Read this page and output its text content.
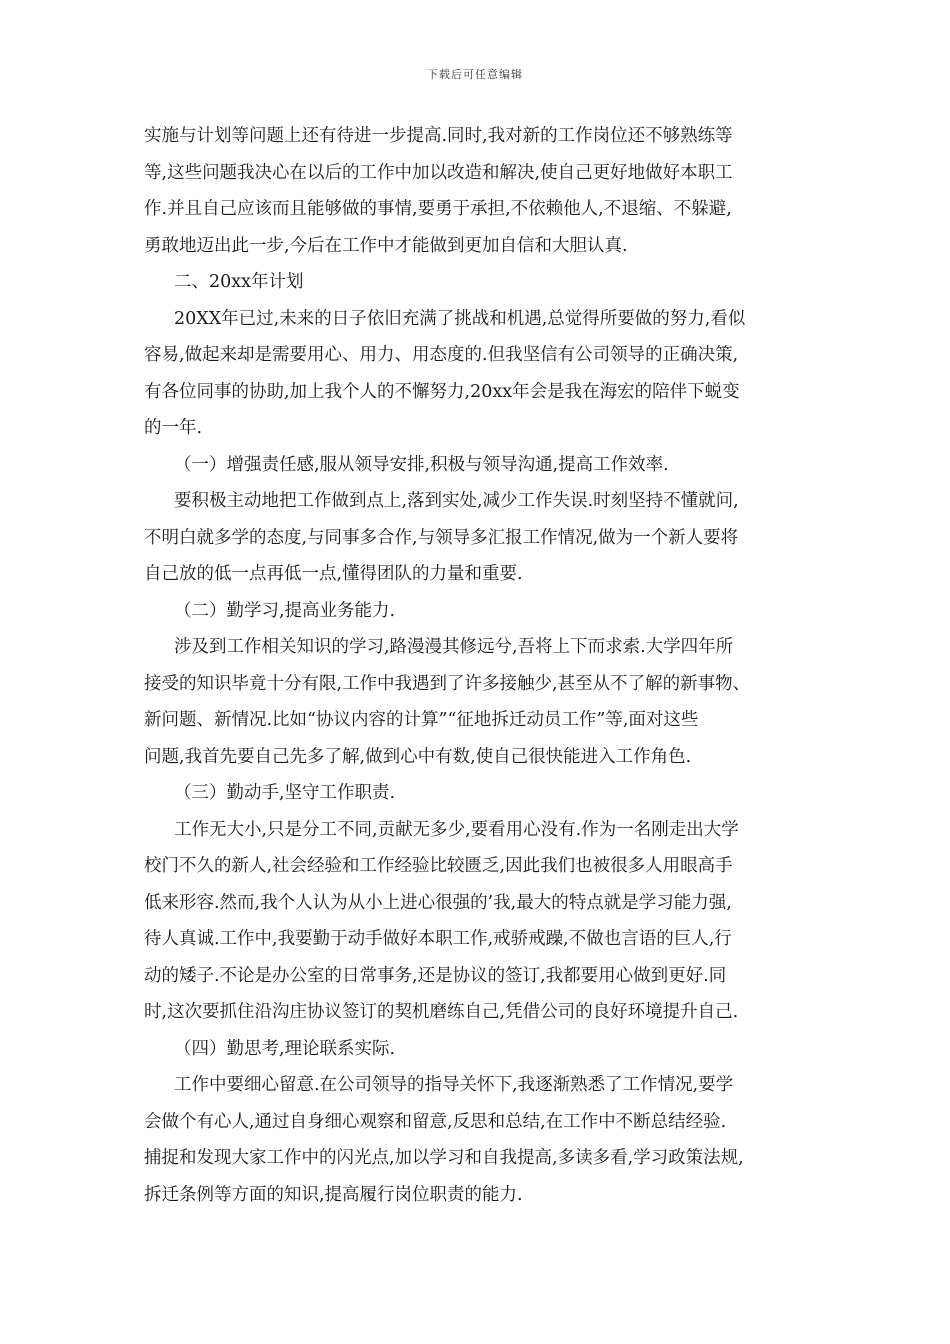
下载后可任意编辑
实施与计划等问题上还有待进一步提高.同时,我对新的工作岗位还不够熟练等
等,这些问题我决心在以后的工作中加以改造和解决,使自己更好地做好本职工
作.并且自己应该而且能够做的事情,要勇于承担,不依赖他人,不退缩、不躲避,
勇敢地迈出此一步,今后在工作中才能做到更加自信和大胆认真.
二、20xx年计划
20XX年已过,未来的日子依旧充满了挑战和机遇,总觉得所要做的努力,看似
容易,做起来却是需要用心、用力、用态度的.但我坚信有公司领导的正确决策,
有各位同事的协助,加上我个人的不懈努力,20xx年会是我在海宏的陪伴下蜕变
的一年.
（一）增强责任感,服从领导安排,积极与领导沟通,提高工作效率.
要积极主动地把工作做到点上,落到实处,减少工作失误.时刻坚持不懂就问,
不明白就多学的态度,与同事多合作,与领导多汇报工作情况,做为一个新人要将
自己放的低一点再低一点,懂得团队的力量和重要.
（二）勤学习,提高业务能力.
涉及到工作相关知识的学习,路漫漫其修远兮,吾将上下而求索.大学四年所
接受的知识毕竟十分有限,工作中我遇到了许多接触少,甚至从不了解的新事物、
新问题、新情况.比如“协议内容的计算”“征地拆迁动员工作”等,面对这些
问题,我首先要自己先多了解,做到心中有数,使自己很快能进入工作角色.
（三）勤动手,坚守工作职责.
工作无大小,只是分工不同,贡献无多少,要看用心没有.作为一名刚走出大学
校门不久的新人,社会经验和工作经验比较匮乏,因此我们也被很多人用眼高手
低来形容.然而,我个人认为从小上进心很强的’我,最大的特点就是学习能力强,
待人真诚.工作中,我要勤于动手做好本职工作,戒骄戒躁,不做也言语的巨人,行
动的矮子.不论是办公室的日常事务,还是协议的签订,我都要用心做到更好.同
时,这次要抓住沿沟庄协议签订的契机磨练自己,凭借公司的良好环境提升自己.
（四）勤思考,理论联系实际.
工作中要细心留意.在公司领导的指导关怀下,我逐渐熟悉了工作情况,要学
会做个有心人,通过自身细心观察和留意,反思和总结,在工作中不断总结经验.
捕捉和发现大家工作中的闪光点,加以学习和自我提高,多读多看,学习政策法规,
拆迁条例等方面的知识,提高履行岗位职责的能力.
